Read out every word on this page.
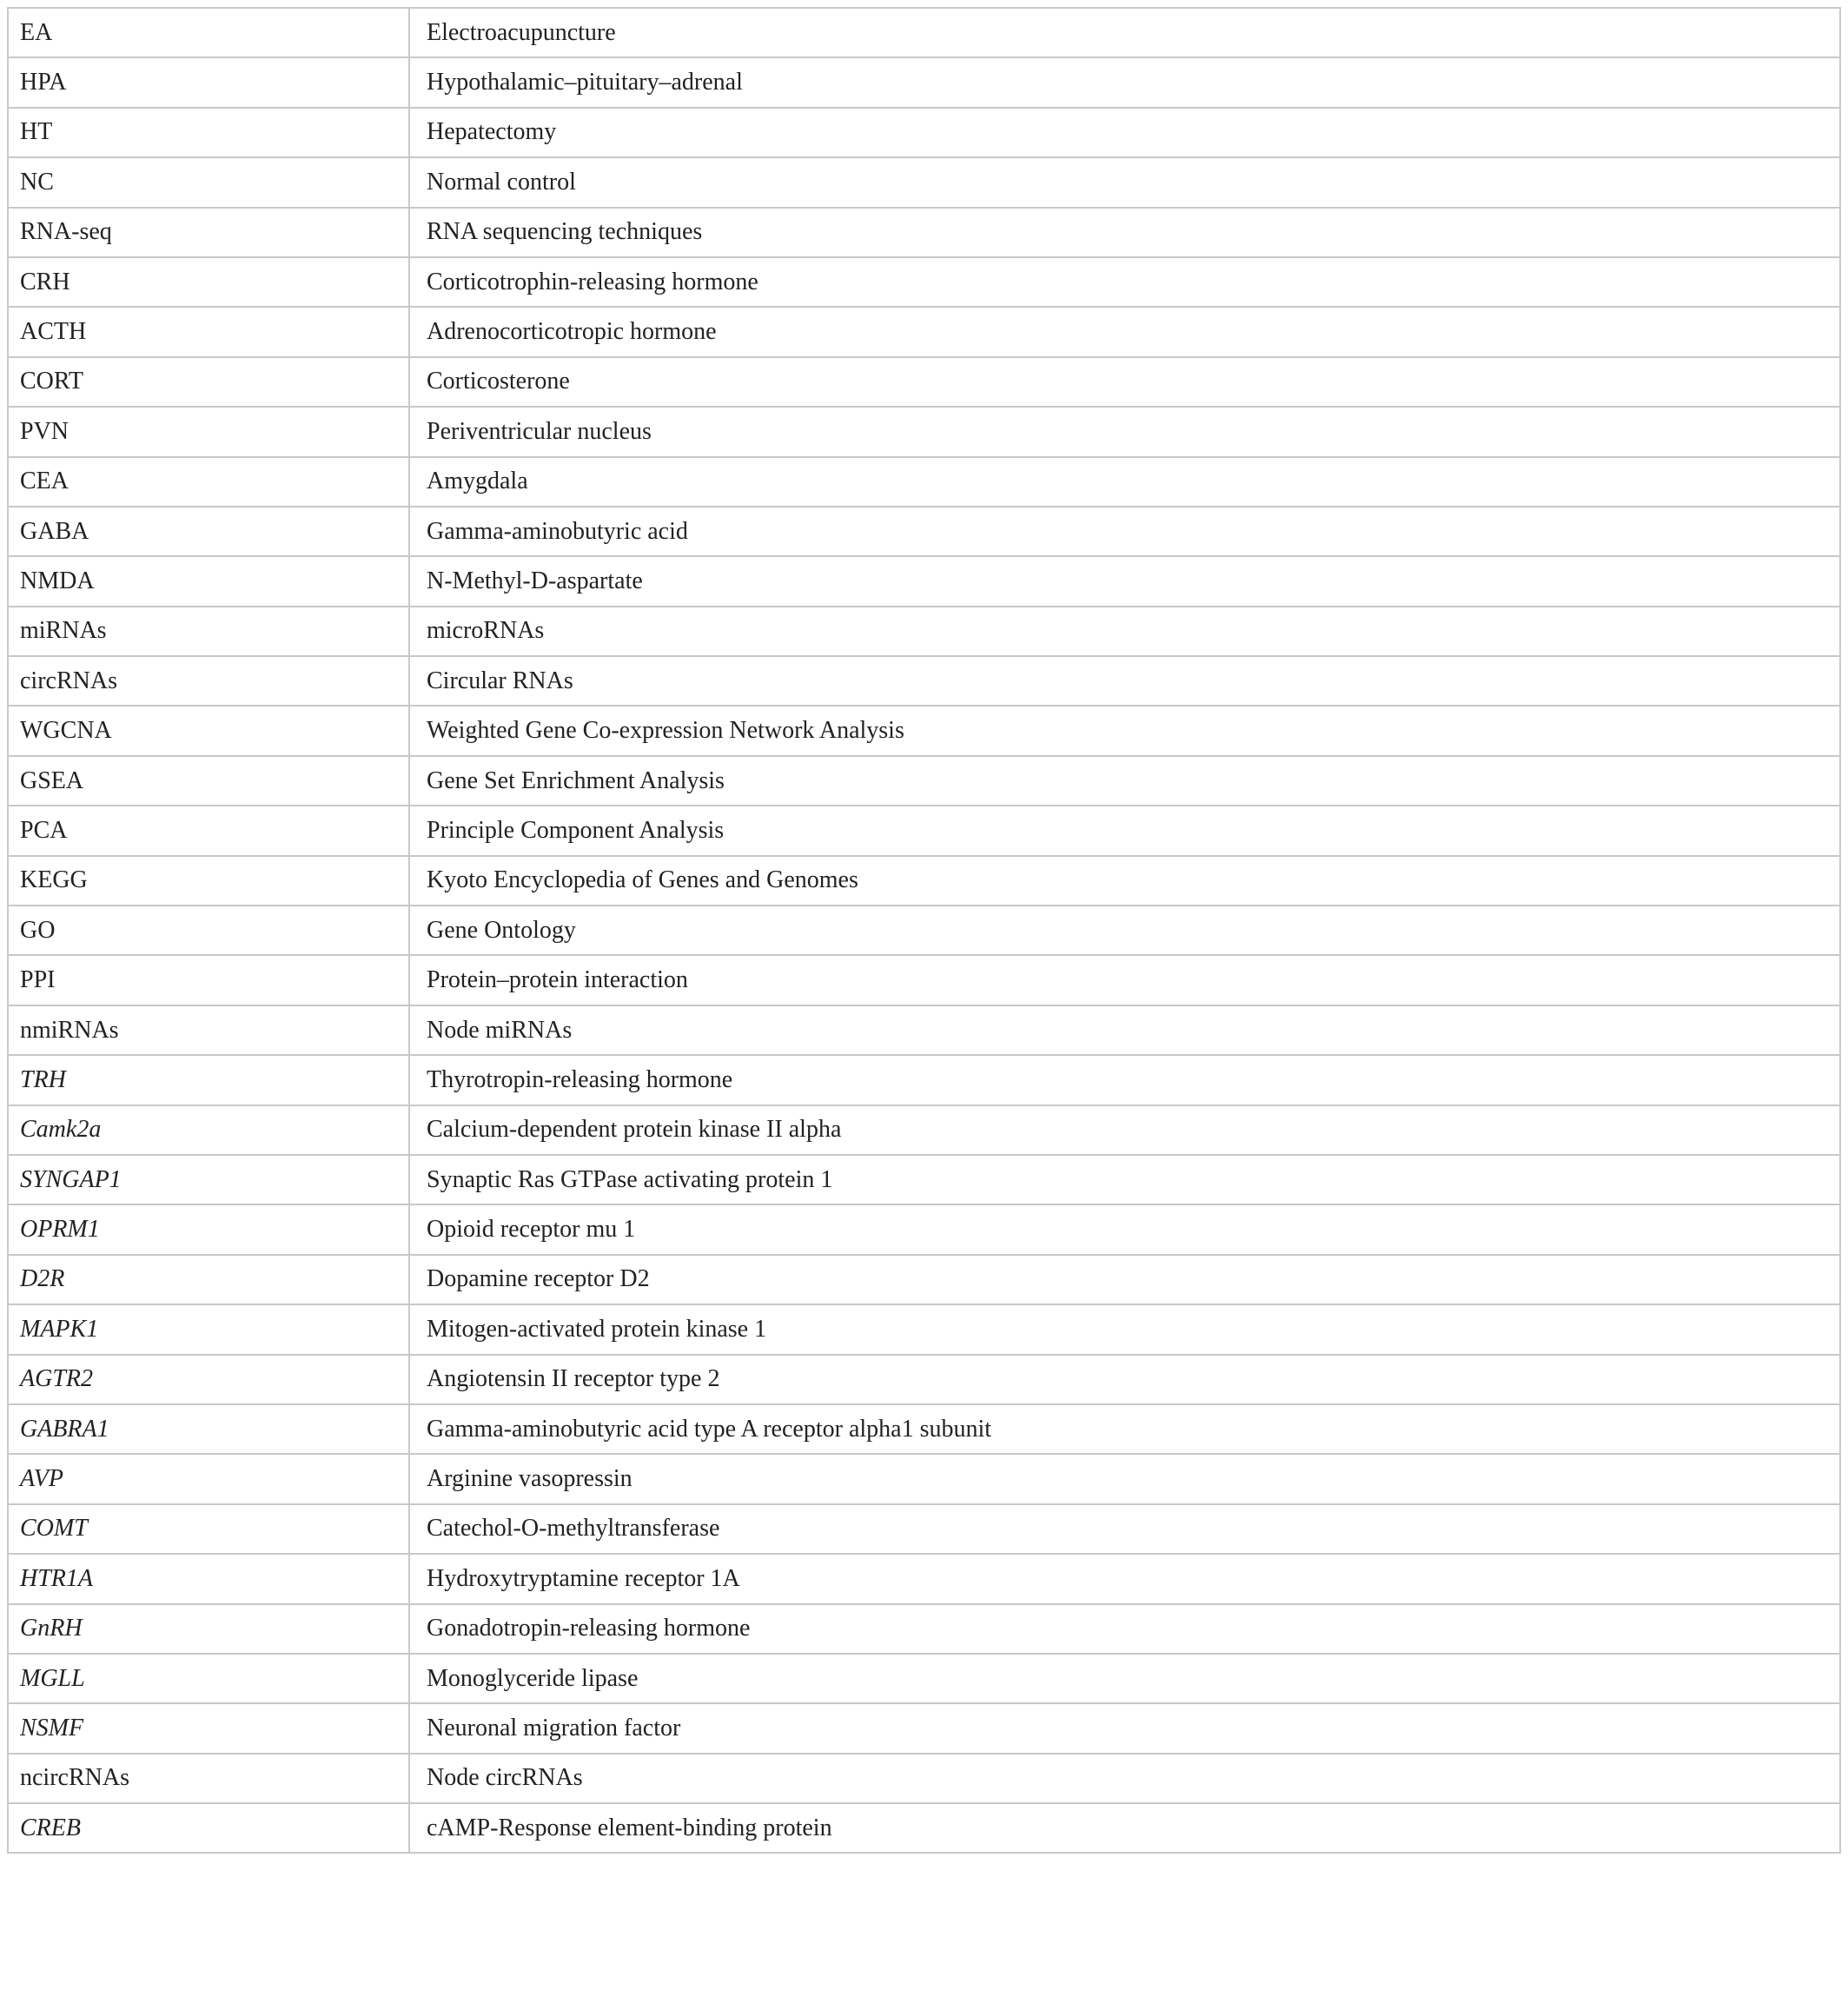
EA	Electroacupuncture
HPA	Hypothalamic–pituitary–adrenal
HT	Hepatectomy
NC	Normal control
RNA-seq	RNA sequencing techniques
CRH	Corticotrophin-releasing hormone
ACTH	Adrenocorticotropic hormone
CORT	Corticosterone
PVN	Periventricular nucleus
CEA	Amygdala
GABA	Gamma-aminobutyric acid
NMDA	N-Methyl-D-aspartate
miRNAs	microRNAs
circRNAs	Circular RNAs
WGCNA	Weighted Gene Co-expression Network Analysis
GSEA	Gene Set Enrichment Analysis
PCA	Principle Component Analysis
KEGG	Kyoto Encyclopedia of Genes and Genomes
GO	Gene Ontology
PPI	Protein–protein interaction
nmiRNAs	Node miRNAs
TRH	Thyrotropin-releasing hormone
Camk2a	Calcium-dependent protein kinase II alpha
SYNGAP1	Synaptic Ras GTPase activating protein 1
OPRM1	Opioid receptor mu 1
D2R	Dopamine receptor D2
MAPK1	Mitogen-activated protein kinase 1
AGTR2	Angiotensin II receptor type 2
GABRA1	Gamma-aminobutyric acid type A receptor alpha1 subunit
AVP	Arginine vasopressin
COMT	Catechol-O-methyltransferase
HTR1A	Hydroxytryptamine receptor 1A
GnRH	Gonadotropin-releasing hormone
MGLL	Monoglyceride lipase
NSMF	Neuronal migration factor
ncircRNAs	Node circRNAs
CREB	cAMP-Response element-binding protein
